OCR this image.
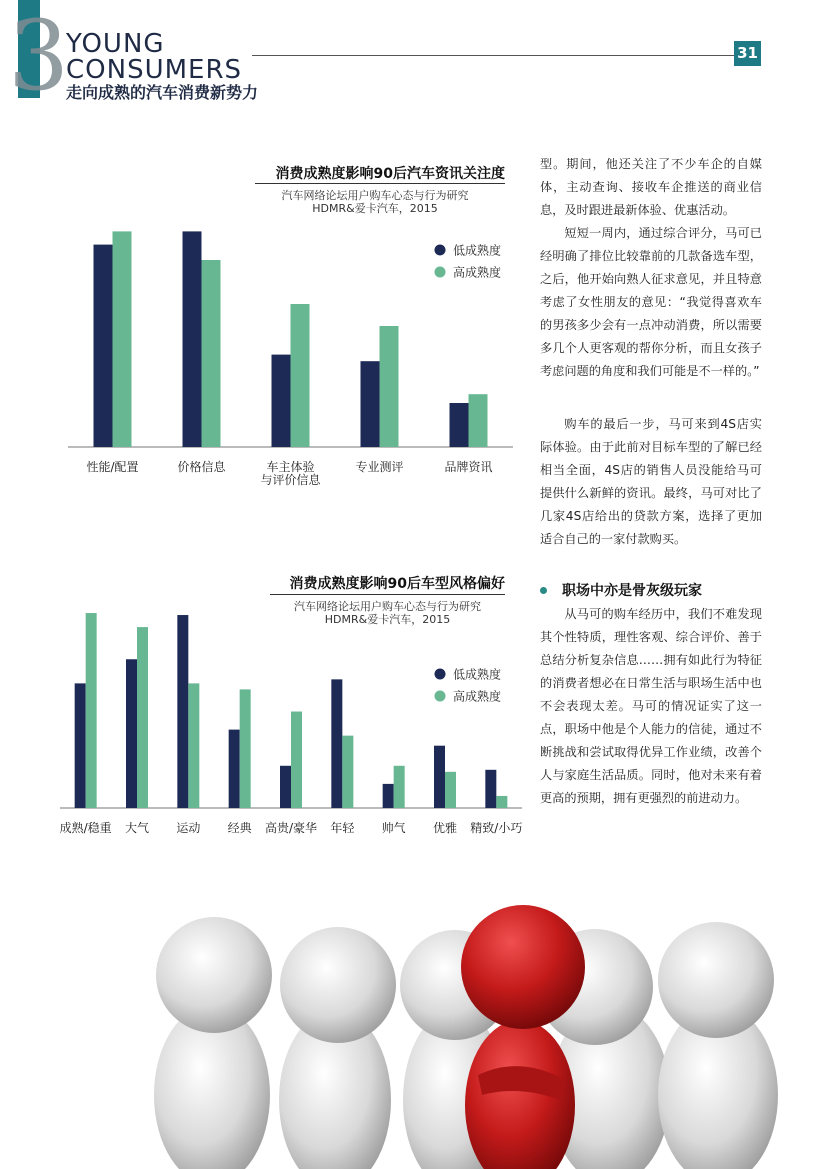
3
YOUNG
CONSUMERS
走向成熟的汽车消费新势力
31
消费成熟度影响90后汽车资讯关注度
汽车网络论坛用户购车心态与行为研究
HDMR&爱卡汽车，2015
性能/配置	价格信息	车主体验
与评价信息
专业测评	品牌资讯
低成熟度
高成熟度
消费成熟度影响90后车型风格偏好
汽车网络论坛用户购车心态与行为研究
HDMR&爱卡汽车，2015
成熟/稳重 大气 运动 经典 高贵/豪华 年轻 帅气 优雅 精致/小巧
低成熟度
高成熟度

型。期间，他还关注了不少车企的自媒体，主动查询、接收车企推送的商业信息，及时跟进最新体验、优惠活动。

短短一周内，通过综合评分，马可已经明确了排位比较靠前的几款备选车型，之后，他开始向熟人征求意见，并且特意考虑了女性朋友的意见：“我觉得喜欢车的男孩多少会有一点冲动消费，所以需要多几个人更客观的帮你分析，而且女孩子考虑问题的角度和我们可能是不一样的。”

购车的最后一步，马可来到4S店实际体验。由于此前对目标车型的了解已经相当全面，4S店的销售人员没能给马可提供什么新鲜的资讯。最终，马可对比了几家4S店给出的贷款方案，选择了更加适合自己的一家付款购买。

职场中亦是骨灰级玩家

从马可的购车经历中，我们不难发现其个性特质，理性客观、综合评价、善于总结分析复杂信息……拥有如此行为特征的消费者想必在日常生活与职场生活中也不会表现太差。马可的情况证实了这一点，职场中他是个人能力的信徒，通过不断挑战和尝试取得优异工作业绩，改善个人与家庭生活品质。同时，他对未来有着更高的预期，拥有更强烈的前进动力。
